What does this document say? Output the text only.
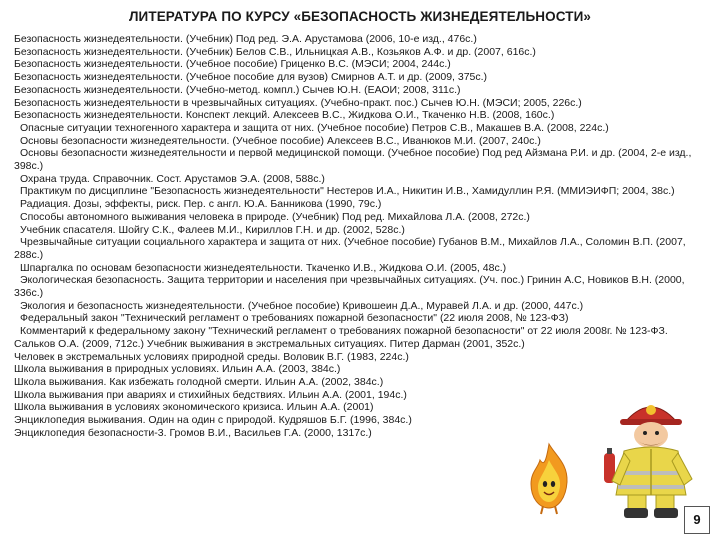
ЛИТЕРАТУРА ПО КУРСУ «БЕЗОПАСНОСТЬ ЖИЗНЕДЕЯТЕЛЬНОСТИ»

Безопасность жизнедеятельности. (Учебник) Под ред. Э.А. Арустамова (2006, 10-е изд., 476с.)

Безопасность жизнедеятельности. (Учебник) Белов С.В., Ильницкая А.В., Козьяков А.Ф. и др. (2007, 616с.)

Безопасность жизнедеятельности. (Учебное пособие) Гриценко В.С. (МЭСИ; 2004, 244с.)

Безопасность жизнедеятельности. (Учебное пособие для вузов) Смирнов А.Т. и др. (2009, 375с.)

Безопасность жизнедеятельности. (Учебно-метод. компл.) Сычев Ю.Н. (ЕАОИ; 2008, 311с.)

Безопасность жизнедеятельности в чрезвычайных ситуациях. (Учебно-практ. пос.) Сычев Ю.Н. (МЭСИ; 2005, 226с.)

Безопасность жизнедеятельности. Конспект лекций. Алексеев В.С., Жидкова О.И., Ткаченко Н.В. (2008, 160с.)

Опасные ситуации техногенного характера и защита от них. (Учебное пособие) Петров С.В., Макашев В.А. (2008, 224с.)

Основы безопасности жизнедеятельности. (Учебное пособие) Алексеев В.С., Иванюков М.И. (2007, 240с.)

Основы безопасности жизнедеятельности и первой медицинской помощи. (Учебное пособие) Под ред Айзмана Р.И. и др. (2004, 2-е изд., 398с.)

Охрана труда. Справочник. Сост. Арустамов Э.А. (2008, 588с.)

Практикум по дисциплине "Безопасность жизнедеятельности" Нестеров И.А., Никитин И.В., Хамидуллин Р.Я. (ММИЭИФП; 2004, 38с.)

Радиация. Дозы, эффекты, риск. Пер. с англ. Ю.А. Банникова (1990, 79с.)

Способы автономного выживания человека в природе. (Учебник) Под ред. Михайлова Л.А. (2008, 272с.)

Учебник спасателя. Шойгу С.К., Фалеев М.И., Кириллов Г.Н. и др. (2002, 528с.)

Чрезвычайные ситуации социального характера и защита от них. (Учебное пособие) Губанов В.М., Михайлов Л.А., Соломин В.П. (2007, 288с.)

Шпаргалка по основам безопасности жизнедеятельности. Ткаченко И.В., Жидкова О.И. (2005, 48с.)

Экологическая безопасность. Защита территории и населения при чрезвычайных ситуациях. (Уч. пос.) Гринин А.С, Новиков В.Н. (2000, 336с.)

Экология и безопасность жизнедеятельности. (Учебное пособие) Кривошеин Д.А., Муравей Л.А. и др. (2000, 447с.)

Федеральный закон "Технический регламент о требованиях пожарной безопасности" (22 июля 2008, № 123-ФЗ)

Комментарий к федеральному закону "Технический регламент о требованиях пожарной безопасности" от 22 июля 2008г. № 123-ФЗ. Сальков О.А. (2009, 712с.) Учебник выживания в экстремальных ситуациях. Питер Дарман (2001, 352с.)

Человек в экстремальных условиях природной среды. Воловик В.Г. (1983, 224с.)

Школа выживания в природных условиях. Ильин А.А. (2003, 384с.)

Школа выживания. Как избежать голодной смерти. Ильин А.А. (2002, 384с.)

Школа выживания при авариях и стихийных бедствиях. Ильин А.А. (2001, 194с.)

Школа выживания в условиях экономического кризиса. Ильин А.А. (2001)

Энциклопедия выживания. Один на один с природой. Кудряшов Б.Г. (1996, 384с.)

Энциклопедия безопасности-3. Громов В.И., Васильев Г.А. (2000, 1317с.)

9
